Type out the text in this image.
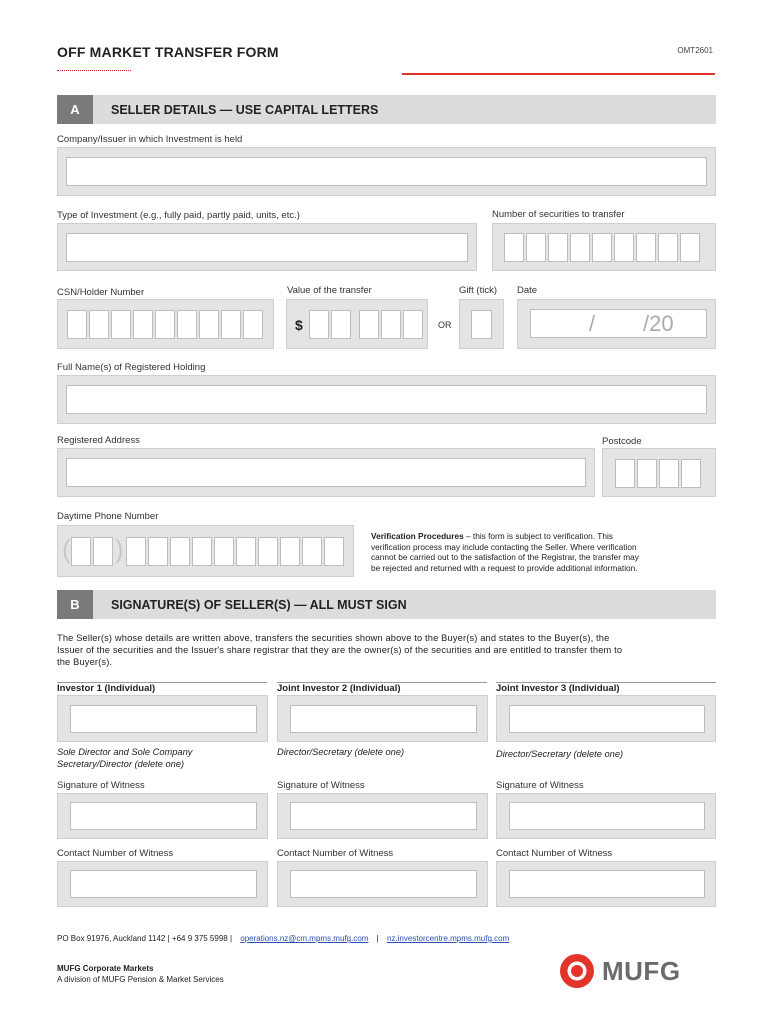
OFF MARKET TRANSFER FORM	OMT2601
A	SELLER DETAILS — USE CAPITAL LETTERS
Company/Issuer in which Investment is held
Type of Investment (e.g., fully paid, partly paid, units, etc.)	Number of securities to transfer
CSN/Holder Number	Value of the transfer	Gift (tick) Date
$	OR	/ /20
Full Name(s) of Registered Holding
Registered Address	Postcode
Daytime Phone Number
( )	Verification Procedures – this form is subject to verification. This
verification process may include contacting the Seller. Where verification
cannot be carried out to the satisfaction of the Registrar, the transfer may
be rejected and returned with a request to provide additional information.
B	SIGNATURE(S) OF SELLER(S) — ALL MUST SIGN
The Seller(s) whose details are written above, transfers the securities shown above to the Buyer(s) and states to the Buyer(s), the
Issuer of the securities and the Issuer's share registrar that they are the owner(s) of the securities and are entitled to transfer them to
the Buyer(s).
Investor 1 (Individual)
Sole Director and Sole Company
Secretary/Director (delete one)
Signature of Witness
Contact Number of Witness
Joint Investor 2 (Individual)
Director/Secretary (delete one)
Signature of Witness
Contact Number of Witness
Joint Investor 3 (Individual)
Director/Secretary (delete one)
Signature of Witness
Contact Number of Witness
PO Box 91976, Auckland 1142 | +64 9 375 5998 | operations.nz@cm.mpms.mufg.com | nz.investorcentre.mpms.mufg.com
MUFG Corporate Markets
A division of MUFG Pension & Market Services	MUFG
